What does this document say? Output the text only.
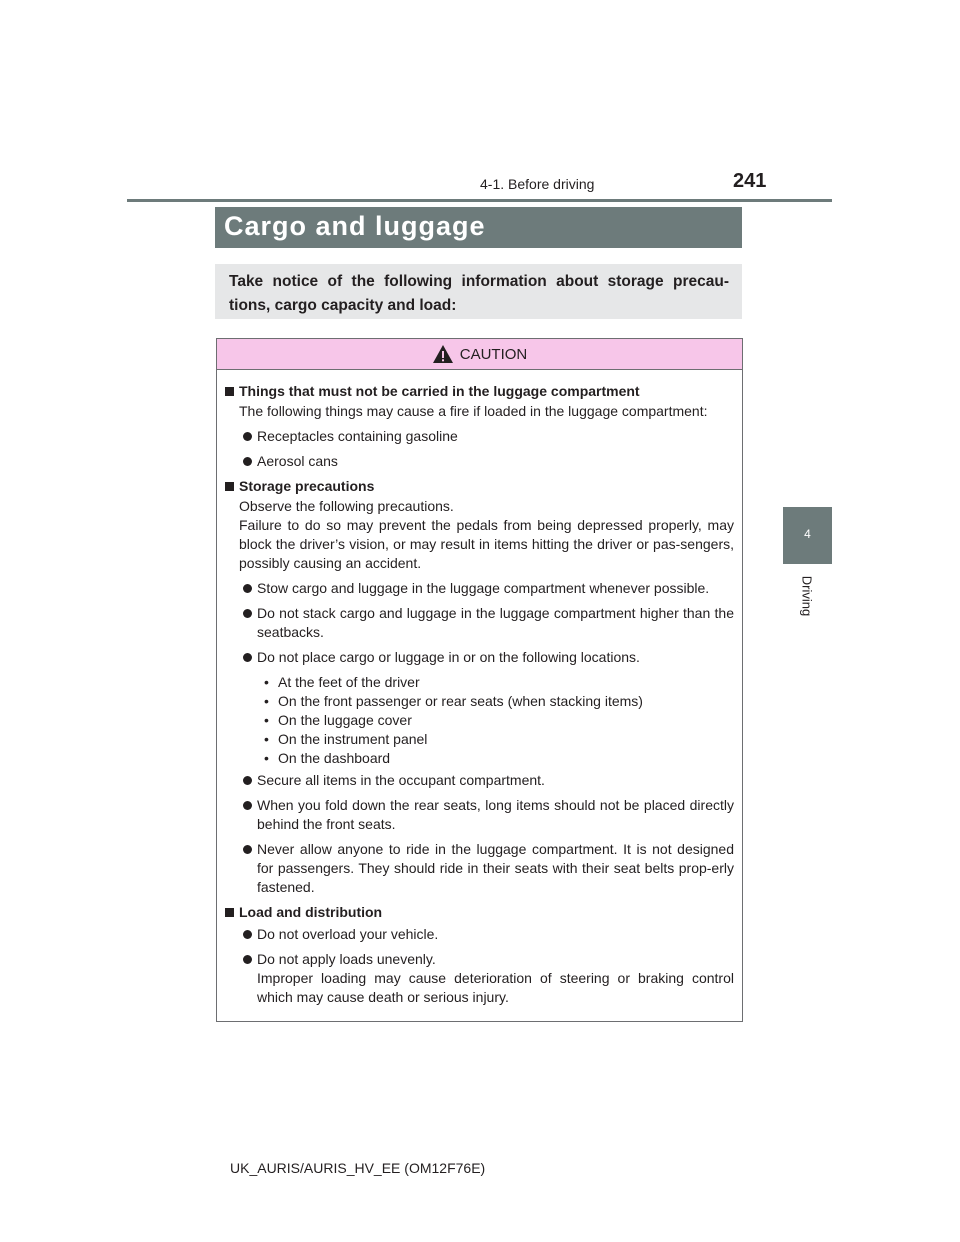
4-1. Before driving	241
4
Driving
Cargo and luggage
Take notice of the following information about storage precau-tions, cargo capacity and load:
CAUTION
Things that must not be carried in the luggage compartment
The following things may cause a fire if loaded in the luggage compartment:
Receptacles containing gasoline
Aerosol cans
Storage precautions
Observe the following precautions.
Failure to do so may prevent the pedals from being depressed properly, may block the driver’s vision, or may result in items hitting the driver or pas-sengers, possibly causing an accident.
Stow cargo and luggage in the luggage compartment whenever possible.
Do not stack cargo and luggage in the luggage compartment higher than the seatbacks.
Do not place cargo or luggage in or on the following locations.
• At the feet of the driver
• On the front passenger or rear seats (when stacking items)
• On the luggage cover
• On the instrument panel
• On the dashboard
Secure all items in the occupant compartment.
When you fold down the rear seats, long items should not be placed directly behind the front seats.
Never allow anyone to ride in the luggage compartment. It is not designed for passengers. They should ride in their seats with their seat belts prop-erly fastened.
Load and distribution
Do not overload your vehicle.
Do not apply loads unevenly.
Improper loading may cause deterioration of steering or braking control which may cause death or serious injury.
UK_AURIS/AURIS_HV_EE (OM12F76E)
